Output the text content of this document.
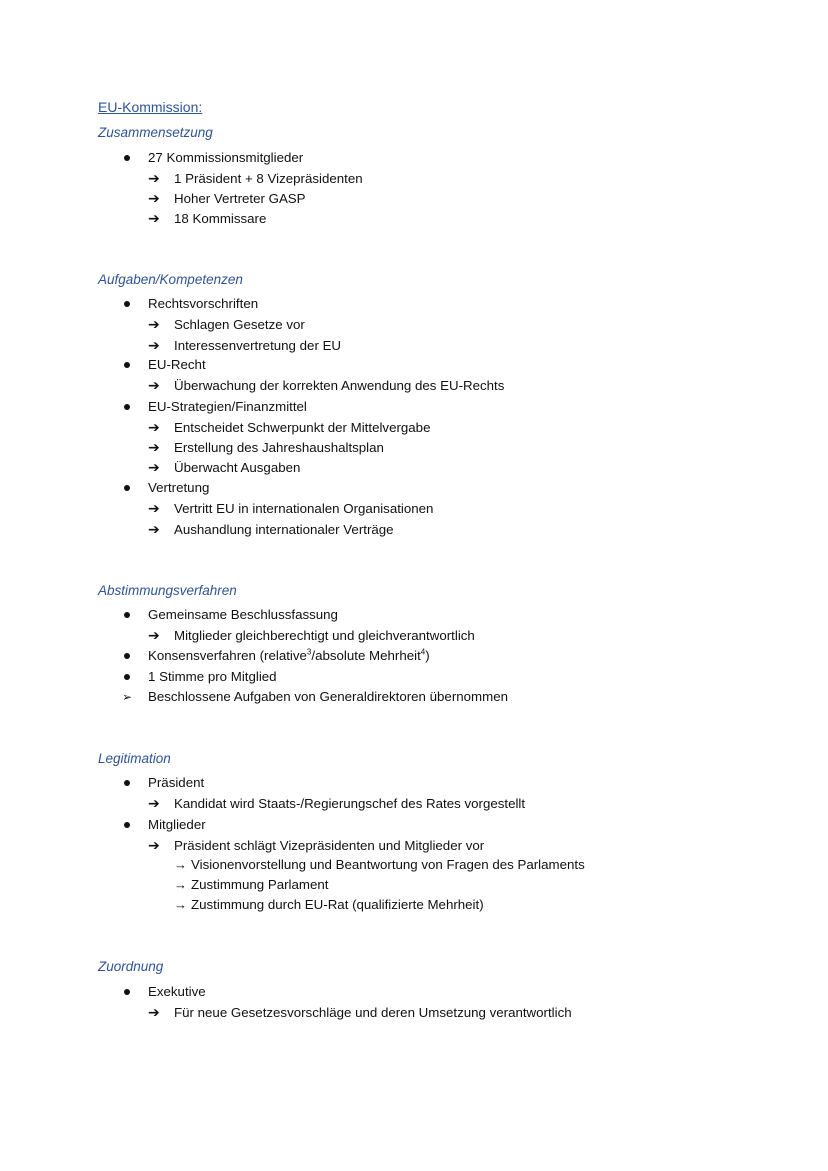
EU-Kommission:
Zusammensetzung
27 Kommissionsmitglieder
➔ 1 Präsident + 8 Vizepräsidenten
➔ Hoher Vertreter GASP
➔ 18 Kommissare
Aufgaben/Kompetenzen
Rechtsvorschriften
➔ Schlagen Gesetze vor
➔ Interessenvertretung der EU
EU-Recht
➔ Überwachung der korrekten Anwendung des EU-Rechts
EU-Strategien/Finanzmittel
➔ Entscheidet Schwerpunkt der Mittelvergabe
➔ Erstellung des Jahreshaushaltsplan
➔ Überwacht Ausgaben
Vertretung
➔ Vertritt EU in internationalen Organisationen
➔ Aushandlung internationaler Verträge
Abstimmungsverfahren
Gemeinsame Beschlussfassung
➔ Mitglieder gleichberechtigt und gleichverantwortlich
Konsensverfahren (relative$^3$/absolute Mehrheit$^4$)
1 Stimme pro Mitglied
➢ Beschlossene Aufgaben von Generaldirektoren übernommen
Legitimation
Präsident
➔ Kandidat wird Staats-/Regierungschef des Rates vorgestellt
Mitglieder
➔ Präsident schlägt Vizepräsidenten und Mitglieder vor
→ Visionenvorstellung und Beantwortung von Fragen des Parlaments
→ Zustimmung Parlament
→ Zustimmung durch EU-Rat (qualifizierte Mehrheit)
Zuordnung
Exekutive
➔ Für neue Gesetzesvorschläge und deren Umsetzung verantwortlich
